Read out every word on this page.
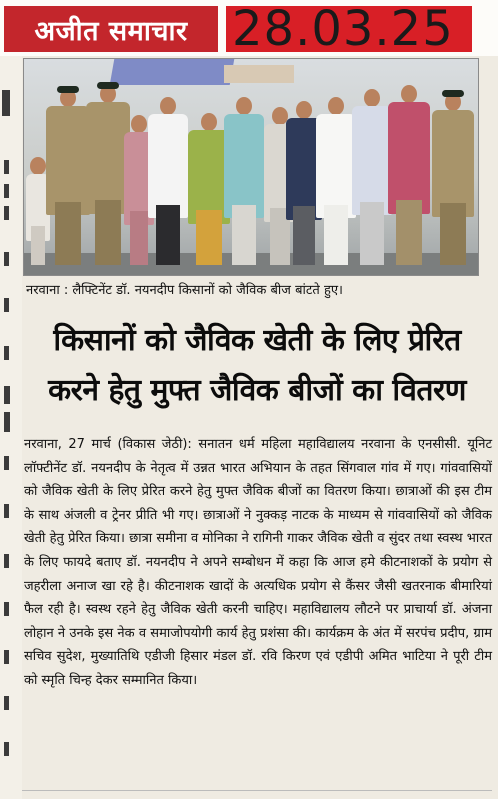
अजीत समाचार 28.03.25
नरवाना : लैफ्टिनेंट डॉ. नयनदीप किसानों को जैविक बीज बांटते हुए।
किसानों को जैविक खेती के लिए प्रेरित
करने हेतु मुफ्त जैविक बीजों का वितरण
नरवाना, 27 मार्च (विकास जेठी): सनातन धर्म महिला महाविद्यालय नरवाना के एनसीसी. यूनिट लॉफ्टीनेंट डॉ. नयनदीप के नेतृत्व में उन्नत भारत अभियान के तहत सिंगवाल गांव में गए। गांववासियों को जैविक खेती के लिए प्रेरित करने हेतु मुफ्त जैविक बीजों का वितरण किया। छात्राओं की इस टीम के साथ अंजली व ट्रेनर प्रीति भी गए। छात्राओं ने नुक्कड़ नाटक के माध्यम से गांववासियों को जैविक खेती हेतु प्रेरित किया। छात्रा समीना व मोनिका ने रागिनी गाकर जैविक खेती व सुंदर तथा स्वस्थ भारत के लिए फायदे बताए डॉ. नयनदीप ने अपने सम्बोधन में कहा कि आज हमे कीटनाशकों के प्रयोग से जहरीला अनाज खा रहे है। कीटनाशक खादों के अत्यधिक प्रयोग से कैंसर जैसी खतरनाक बीमारियां फैल रही है। स्वस्थ रहने हेतु जैविक खेती करनी चाहिए। महाविद्यालय लौटने पर प्राचार्या डॉ. अंजना लोहान ने उनके इस नेक व समाजोपयोगी कार्य हेतु प्रशंसा की। कार्यक्रम के अंत में सरपंच प्रदीप, ग्राम सचिव सुदेश, मुख्यातिथि एडीजी हिसार मंडल डॉ. रवि किरण एवं एडीपी अमित भाटिया ने पूरी टीम को स्मृति चिन्ह देकर सम्मानित किया।
